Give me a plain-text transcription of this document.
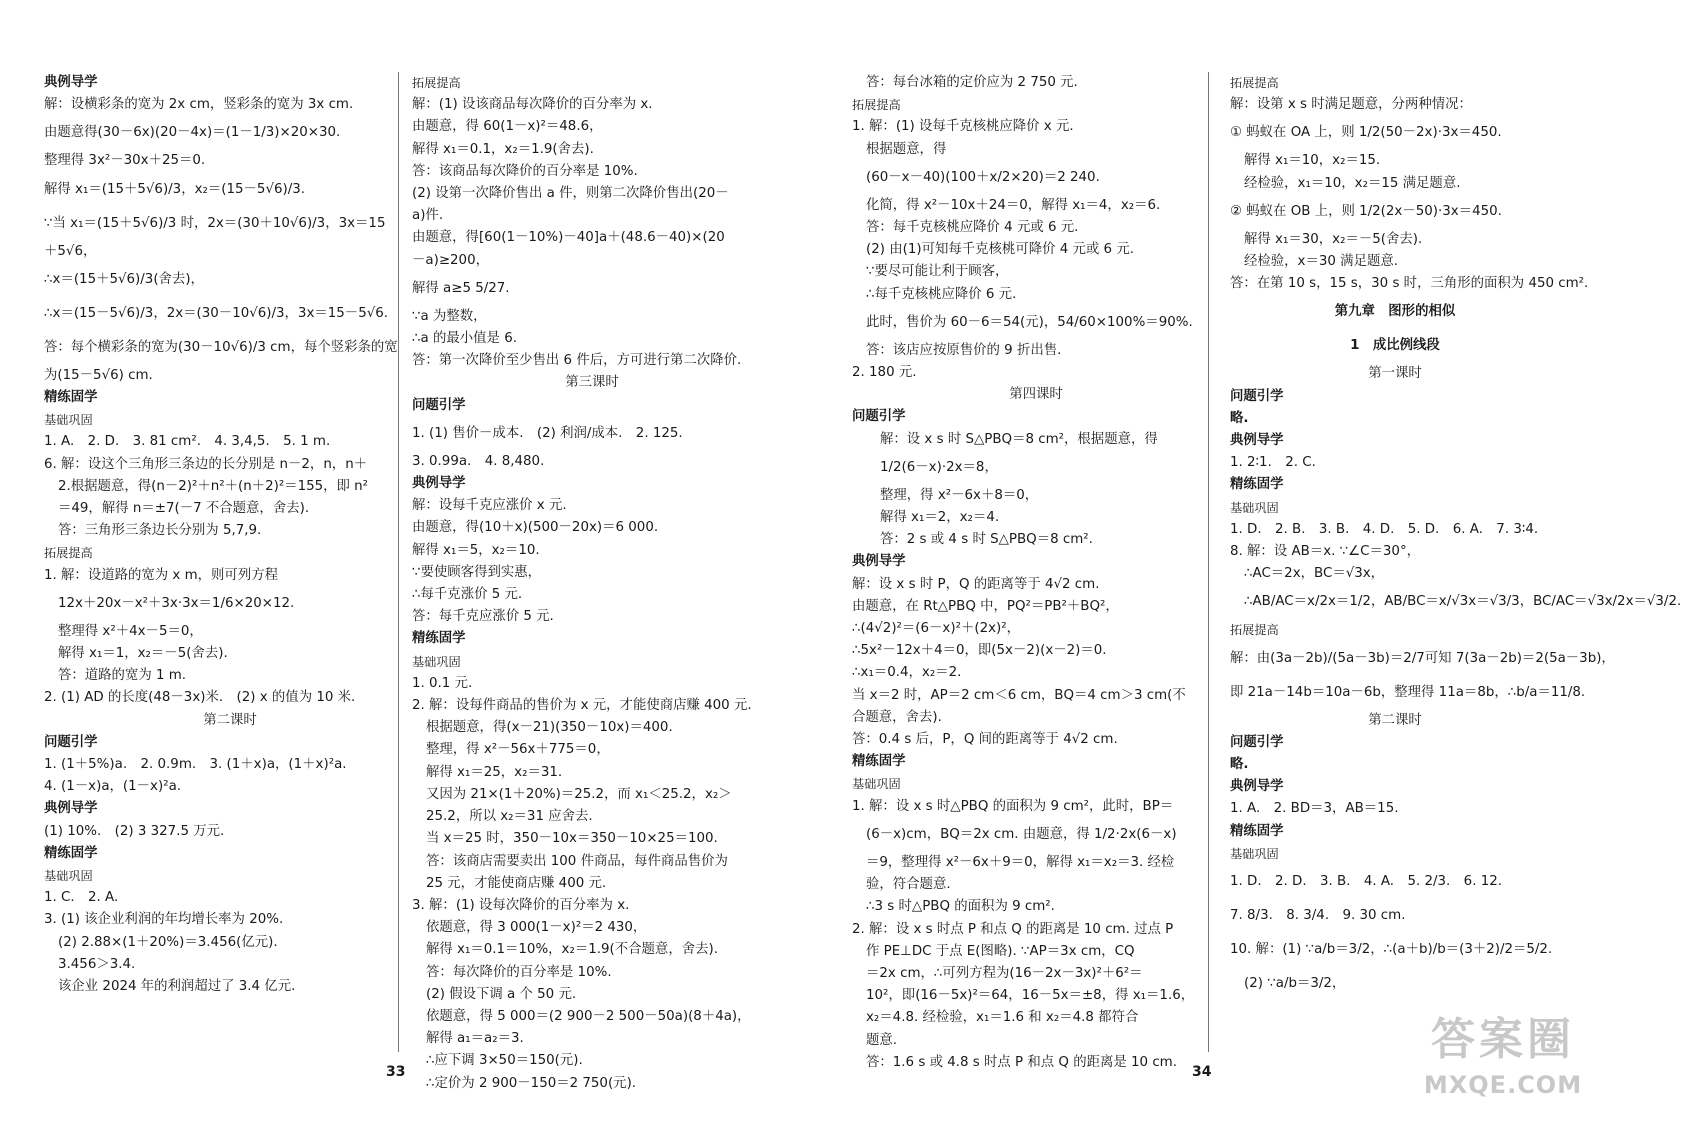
典例导学
解：设横彩条的宽为 2x cm，竖彩条的宽为 3x cm.
由题意得(30－6x)(20－4x)＝(1－1/3)×20×30.
整理得 3x²－30x＋25＝0.
解得 x₁＝(15＋5√6)/3，x₂＝(15－5√6)/3.
∵当 x₁＝(15＋5√6)/3 时，2x＝(30＋10√6)/3，3x＝15
＋5√6，
∴x＝(15＋5√6)/3(舍去)，
∴x＝(15－5√6)/3，2x＝(30－10√6)/3，3x＝15－5√6.
答：每个横彩条的宽为(30－10√6)/3 cm，每个竖彩条的宽
为(15－5√6) cm.
精练固学
基础巩固
1. A.　2. D.　3. 81 cm².　4. 3,4,5.　5. 1 m.
6. 解：设这个三角形三条边的长分别是 n－2，n，n＋
2.根据题意，得(n－2)²＋n²＋(n＋2)²＝155，即 n²
＝49，解得 n＝±7(－7 不合题意，舍去).
答：三角形三条边长分别为 5,7,9.
拓展提高
1. 解：设道路的宽为 x m，则可列方程
12x＋20x－x²＋3x·3x＝1/6×20×12.
整理得 x²＋4x－5＝0，
解得 x₁＝1，x₂＝－5(舍去).
答：道路的宽为 1 m.
2. (1) AD 的长度(48－3x)米.　(2) x 的值为 10 米.
第二课时
问题引学
1. (1＋5%)a.　2. 0.9m.　3. (1＋x)a，(1＋x)²a.
4. (1－x)a，(1－x)²a.
典例导学
(1) 10%.　(2) 3 327.5 万元.
精练固学
基础巩固
1. C.　2. A.
3. (1) 该企业利润的年均增长率为 20%.
(2) 2.88×(1＋20%)＝3.456(亿元).
3.456＞3.4.
该企业 2024 年的利润超过了 3.4 亿元.
拓展提高
解：(1) 设该商品每次降价的百分率为 x.
由题意，得 60(1－x)²＝48.6，
解得 x₁＝0.1，x₂＝1.9(舍去).
答：该商品每次降价的百分率是 10%.
(2) 设第一次降价售出 a 件，则第二次降价售出(20－
a)件.
由题意，得[60(1－10%)－40]a＋(48.6－40)×(20
－a)≥200，
解得 a≥5 5/27.
∵a 为整数，
∴a 的最小值是 6.
答：第一次降价至少售出 6 件后，方可进行第二次降价.
第三课时
问题引学
1. (1) 售价－成本.　(2) 利润/成本.　2. 125.
3. 0.99a.　4. 8,480.
典例导学
解：设每千克应涨价 x 元.
由题意，得(10＋x)(500－20x)＝6 000.
解得 x₁＝5，x₂＝10.
∵要使顾客得到实惠，
∴每千克涨价 5 元.
答：每千克应涨价 5 元.
精练固学
基础巩固
1. 0.1 元.
2. 解：设每件商品的售价为 x 元，才能使商店赚 400 元.
根据题意，得(x－21)(350－10x)＝400.
整理，得 x²－56x＋775＝0，
解得 x₁＝25，x₂＝31.
又因为 21×(1＋20%)＝25.2，而 x₁＜25.2，x₂＞
25.2，所以 x₂＝31 应舍去.
当 x＝25 时，350－10x＝350－10×25＝100.
答：该商店需要卖出 100 件商品，每件商品售价为
25 元，才能使商店赚 400 元.
3. 解：(1) 设每次降价的百分率为 x.
依题意，得 3 000(1－x)²＝2 430，
解得 x₁＝0.1＝10%，x₂＝1.9(不合题意，舍去).
答：每次降价的百分率是 10%.
(2) 假设下调 a 个 50 元.
依题意，得 5 000＝(2 900－2 500－50a)(8＋4a)，
解得 a₁＝a₂＝3.
∴应下调 3×50＝150(元).
∴定价为 2 900－150＝2 750(元).
答：每台冰箱的定价应为 2 750 元.
拓展提高
1. 解：(1) 设每千克核桃应降价 x 元.
根据题意，得
(60－x－40)(100＋x/2×20)＝2 240.
化简，得 x²－10x＋24＝0，解得 x₁＝4，x₂＝6.
答：每千克核桃应降价 4 元或 6 元.
(2) 由(1)可知每千克核桃可降价 4 元或 6 元.
∵要尽可能让利于顾客，
∴每千克核桃应降价 6 元.
此时，售价为 60－6＝54(元)，54/60×100%＝90%.
答：该店应按原售价的 9 折出售.
2. 180 元.
第四课时
问题引学
解：设 x s 时 S△PBQ＝8 cm²，根据题意，得
1/2(6－x)·2x＝8，
整理，得 x²－6x＋8＝0，
解得 x₁＝2，x₂＝4.
答：2 s 或 4 s 时 S△PBQ＝8 cm².
典例导学
解：设 x s 时 P，Q 的距离等于 4√2 cm.
由题意，在 Rt△PBQ 中，PQ²＝PB²＋BQ²，
∴(4√2)²＝(6－x)²＋(2x)²，
∴5x²－12x＋4＝0，即(5x－2)(x－2)＝0.
∴x₁＝0.4，x₂＝2.
当 x＝2 时，AP＝2 cm＜6 cm，BQ＝4 cm＞3 cm(不
合题意，舍去).
答：0.4 s 后，P，Q 间的距离等于 4√2 cm.
精练固学
基础巩固
1. 解：设 x s 时△PBQ 的面积为 9 cm²，此时，BP＝
(6－x)cm，BQ＝2x cm. 由题意，得 1/2·2x(6－x)
＝9，整理得 x²－6x＋9＝0，解得 x₁＝x₂＝3. 经检
验，符合题意.
∴3 s 时△PBQ 的面积为 9 cm².
2. 解：设 x s 时点 P 和点 Q 的距离是 10 cm. 过点 P
作 PE⊥DC 于点 E(图略). ∵AP＝3x cm，CQ
＝2x cm，∴可列方程为(16－2x－3x)²＋6²＝
10²，即(16－5x)²＝64，16－5x＝±8，得 x₁＝1.6，
x₂＝4.8. 经检验，x₁＝1.6 和 x₂＝4.8 都符合
题意.
答：1.6 s 或 4.8 s 时点 P 和点 Q 的距离是 10 cm.
拓展提高
解：设第 x s 时满足题意，分两种情况：
① 蚂蚁在 OA 上，则 1/2(50－2x)·3x＝450.
解得 x₁＝10，x₂＝15.
经检验，x₁＝10，x₂＝15 满足题意.
② 蚂蚁在 OB 上，则 1/2(2x－50)·3x＝450.
解得 x₁＝30，x₂＝－5(舍去).
经检验，x＝30 满足题意.
答：在第 10 s，15 s，30 s 时，三角形的面积为 450 cm².
第九章　图形的相似
1　成比例线段
第一课时
问题引学
略.
典例导学
1. 2∶1.　2. C.
精练固学
基础巩固
1. D.　2. B.　3. B.　4. D.　5. D.　6. A.　7. 3∶4.
8. 解：设 AB＝x. ∵∠C＝30°，
∴AC＝2x，BC＝√3x，
∴AB/AC＝x/2x＝1/2，AB/BC＝x/√3x＝√3/3，BC/AC＝√3x/2x＝√3/2.
拓展提高
解：由(3a－2b)/(5a－3b)＝2/7可知 7(3a－2b)＝2(5a－3b)，
即 21a－14b＝10a－6b，整理得 11a＝8b，∴b/a＝11/8.
第二课时
问题引学
略.
典例导学
1. A.　2. BD＝3，AB＝15.
精练固学
基础巩固
1. D.　2. D.　3. B.　4. A.　5. 2/3.　6. 12.
7. 8/3.　8. 3/4.　9. 30 cm.
10. 解：(1) ∵a/b＝3/2，∴(a＋b)/b＝(3＋2)/2＝5/2.
(2) ∵a/b＝3/2，
33	34
答案圈
MXQE.COM
